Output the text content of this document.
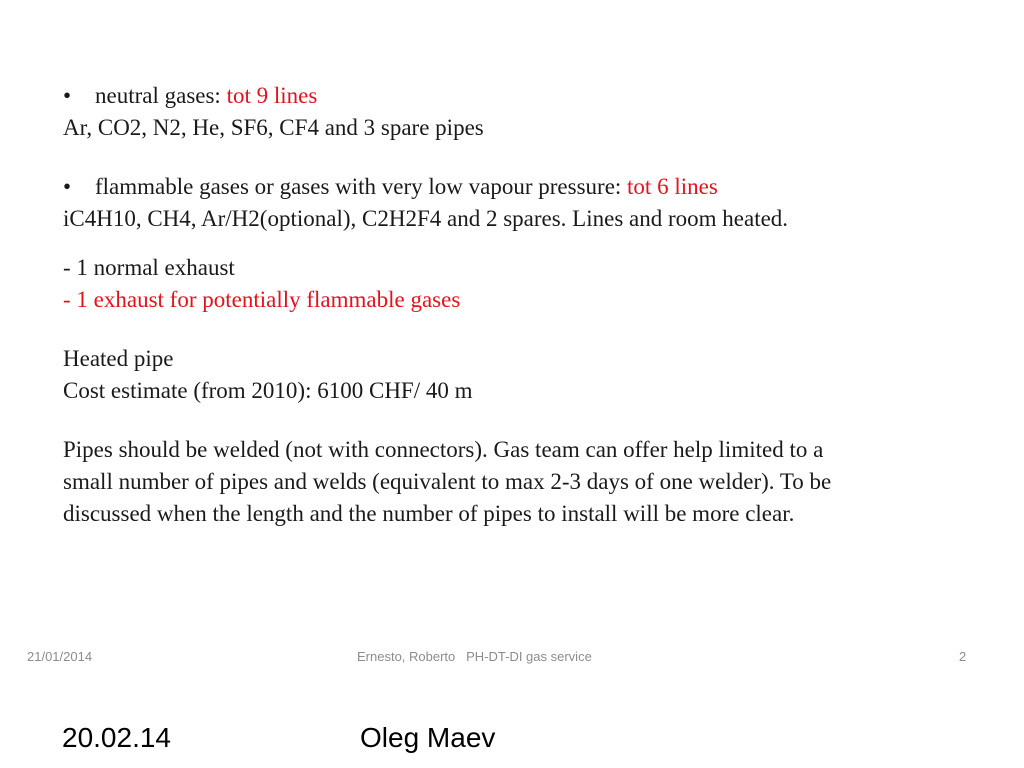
• neutral gases: tot 9 lines
Ar, CO2, N2, He, SF6, CF4 and 3 spare pipes
• flammable gases or gases with very low vapour pressure: tot 6 lines
iC4H10, CH4, Ar/H2(optional), C2H2F4 and 2 spares. Lines and room heated.
- 1 normal exhaust
- 1 exhaust for potentially flammable gases
Heated pipe
Cost estimate (from 2010): 6100 CHF/ 40 m
Pipes should be welded (not with connectors). Gas team can offer help limited to a
small number of pipes and welds (equivalent to max 2-3 days of one welder). To be
discussed when the length and the number of pipes to install will be more clear.
21/01/2014	Ernesto, Roberto   PH-DT-DI gas service	2
20.02.14	Oleg Maev
